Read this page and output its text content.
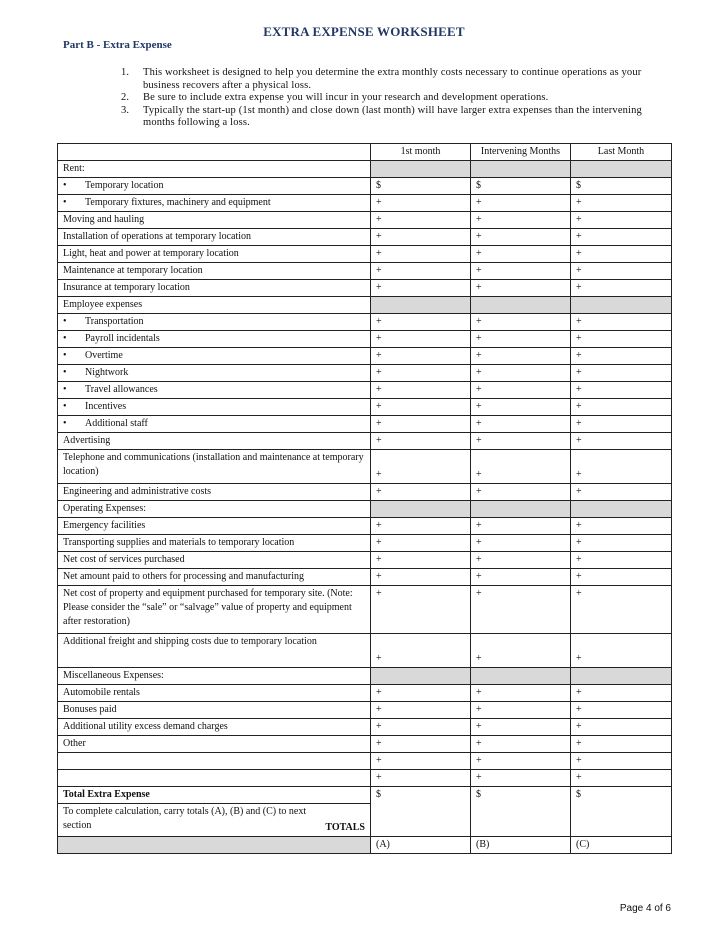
EXTRA EXPENSE WORKSHEET
Part B - Extra Expense
1. This worksheet is designed to help you determine the extra monthly costs necessary to continue operations as your business recovers after a physical loss.
2. Be sure to include extra expense you will incur in your research and development operations.
3. Typically the start-up (1st month) and close down (last month) will have larger extra expenses than the intervening months following a loss.
	1st month	Intervening Months	Last Month
Rent:			
• Temporary location	$	$	$
• Temporary fixtures, machinery and equipment	+	+	+
Moving and hauling	+	+	+
Installation of operations at temporary location	+	+	+
Light, heat and power at temporary location	+	+	+
Maintenance at temporary location	+	+	+
Insurance at temporary location	+	+	+
Employee expenses			
• Transportation	+	+	+
• Payroll incidentals	+	+	+
• Overtime	+	+	+
• Nightwork	+	+	+
• Travel allowances	+	+	+
• Incentives	+	+	+
• Additional staff	+	+	+
Advertising	+	+	+
Telephone and communications (installation and maintenance at temporary location)	+	+	+
Engineering and administrative costs	+	+	+
Operating Expenses:			
Emergency facilities	+	+	+
Transporting supplies and materials to temporary location	+	+	+
Net cost of services purchased	+	+	+
Net amount paid to others for processing and manufacturing	+	+	+
Net cost of property and equipment purchased for temporary site. (Note: Please consider the “sale” or “salvage” value of property and equipment after restoration)	+	+	+
Additional freight and shipping costs due to temporary location	+	+	+
Miscellaneous Expenses:			
Automobile rentals	+	+	+
Bonuses paid	+	+	+
Additional utility excess demand charges	+	+	+
Other	+	+	+
	+	+	+
	+	+	+
Total Extra Expense	$	$	$

TOTALS
To complete calculation, carry totals (A), (B) and (C) to next section			
	(A)	(B)	(C)
Page 4 of 6
